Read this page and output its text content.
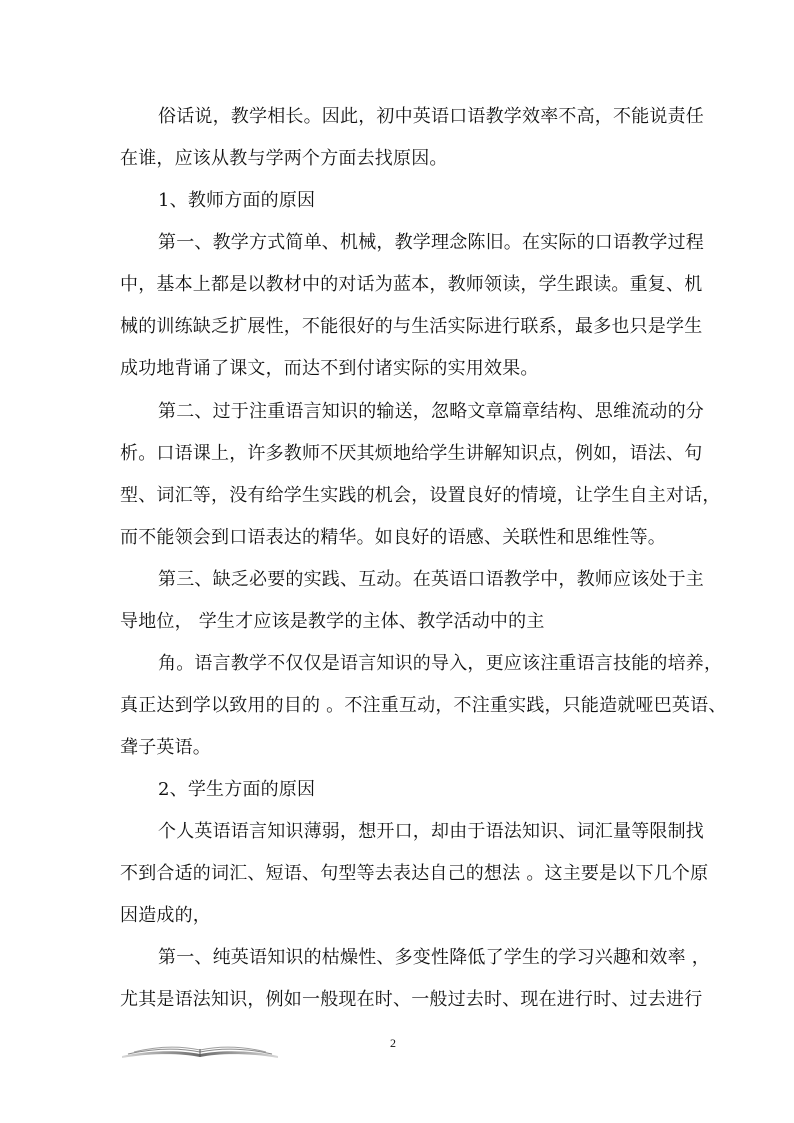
俗话说，教学相长。因此，初中英语口语教学效率不高，不能说责任
在谁，应该从教与学两个方面去找原因。
1、教师方面的原因
第一、教学方式简单、机械，教学理念陈旧。在实际的口语教学过程
中，基本上都是以教材中的对话为蓝本，教师领读，学生跟读。重复、机
械的训练缺乏扩展性，不能很好的与生活实际进行联系，最多也只是学生
成功地背诵了课文，而达不到付诸实际的实用效果。
第二、过于注重语言知识的输送，忽略文章篇章结构、思维流动的分
析。口语课上，许多教师不厌其烦地给学生讲解知识点，例如，语法、句
型、词汇等，没有给学生实践的机会，设置良好的情境，让学生自主对话，
而不能领会到口语表达的精华。如良好的语感、关联性和思维性等。
第三、缺乏必要的实践、互动。在英语口语教学中，教师应该处于主
导地位， 学生才应该是教学的主体、教学活动中的主
角。语言教学不仅仅是语言知识的导入，更应该注重语言技能的培养，
真正达到学以致用的目的 。不注重互动，不注重实践，只能造就哑巴英语、
聋子英语。
2、学生方面的原因
个人英语语言知识薄弱，想开口，却由于语法知识、词汇量等限制找
不到合适的词汇、短语、句型等去表达自己的想法 。这主要是以下几个原
因造成的，
第一、纯英语知识的枯燥性、多变性降低了学生的学习兴趣和效率 ，
尤其是语法知识，例如一般现在时、一般过去时、现在进行时、过去进行
2
